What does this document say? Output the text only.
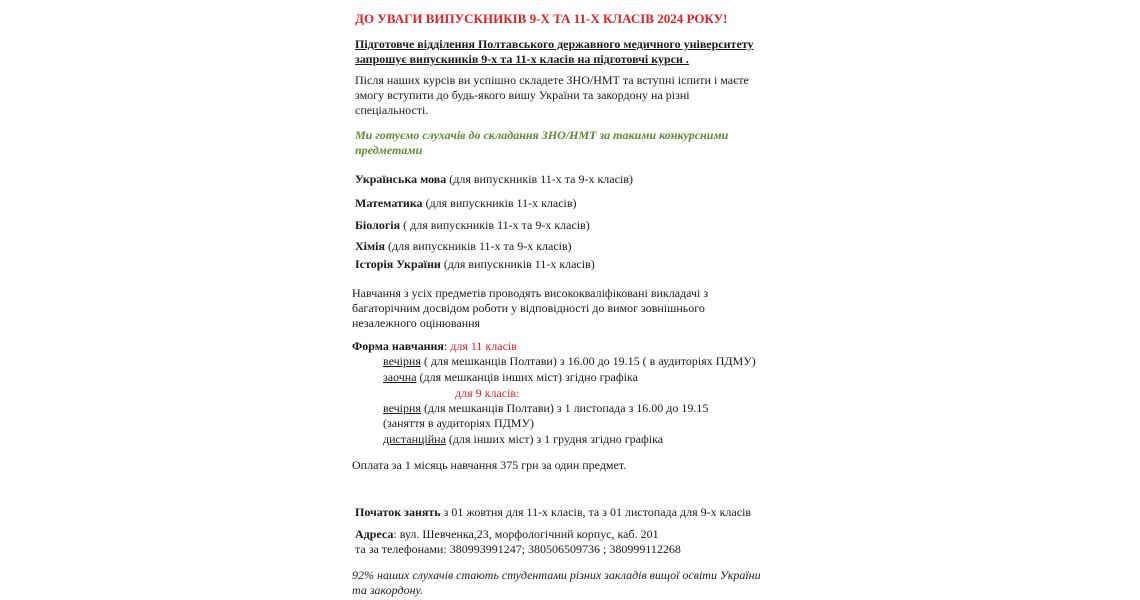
ДО УВАГИ ВИПУСКНИКІВ 9-Х ТА 11-Х КЛАСІВ 2024 РОКУ!
Підготовче відділення Полтавського державного медичного університету
запрошує випускників 9-х та 11-х класів на підготовчі курси .
Після наших курсів ви успішно складете ЗНО/НМТ та вступні іспити і маєте
змогу вступити до будь-якого вишу України та закордону на різні
спеціальності.
Ми готуємо слухачів до складання ЗНО/НМТ за такими конкурсними
предметами
Українська мова (для випускників 11-х та 9-х класів)
Математика (для випускників 11-х класів)
Біологія ( для випускників 11-х та 9-х класів)
Хімія (для випускників 11-х та 9-х класів)
Історія України (для випускників 11-х класів)
Навчання з усіх предметів проводять висококваліфіковані викладачі з
багаторічним досвідом роботи у відповідності до вимог зовнішнього
незалежного оцінювання
Форма навчання: для 11 класів
вечірня ( для мешканців Полтави) з 16.00 до 19.15 ( в аудиторіях ПДМУ)
заочна (для мешканців інших міст) згідно графіка
для 9 класів:
вечірня (для мешканців Полтави) з 1 листопада з 16.00 до 19.15
(заняття в аудиторіях ПДМУ)
дистанційна (для інших міст) з 1 грудня згідно графіка
Оплата за 1 місяць навчання 375 грн за один предмет.
Початок занять з 01 жовтня для 11-х класів, та з 01 листопада для 9-х класів
Адреса: вул. Шевченка,23, морфологічний корпус, каб. 201
та за телефонами: 380993991247; 380506509736 ; 380999112268
92% наших слухачів стають студентами різних закладів вищої освіти України
та закордону.
